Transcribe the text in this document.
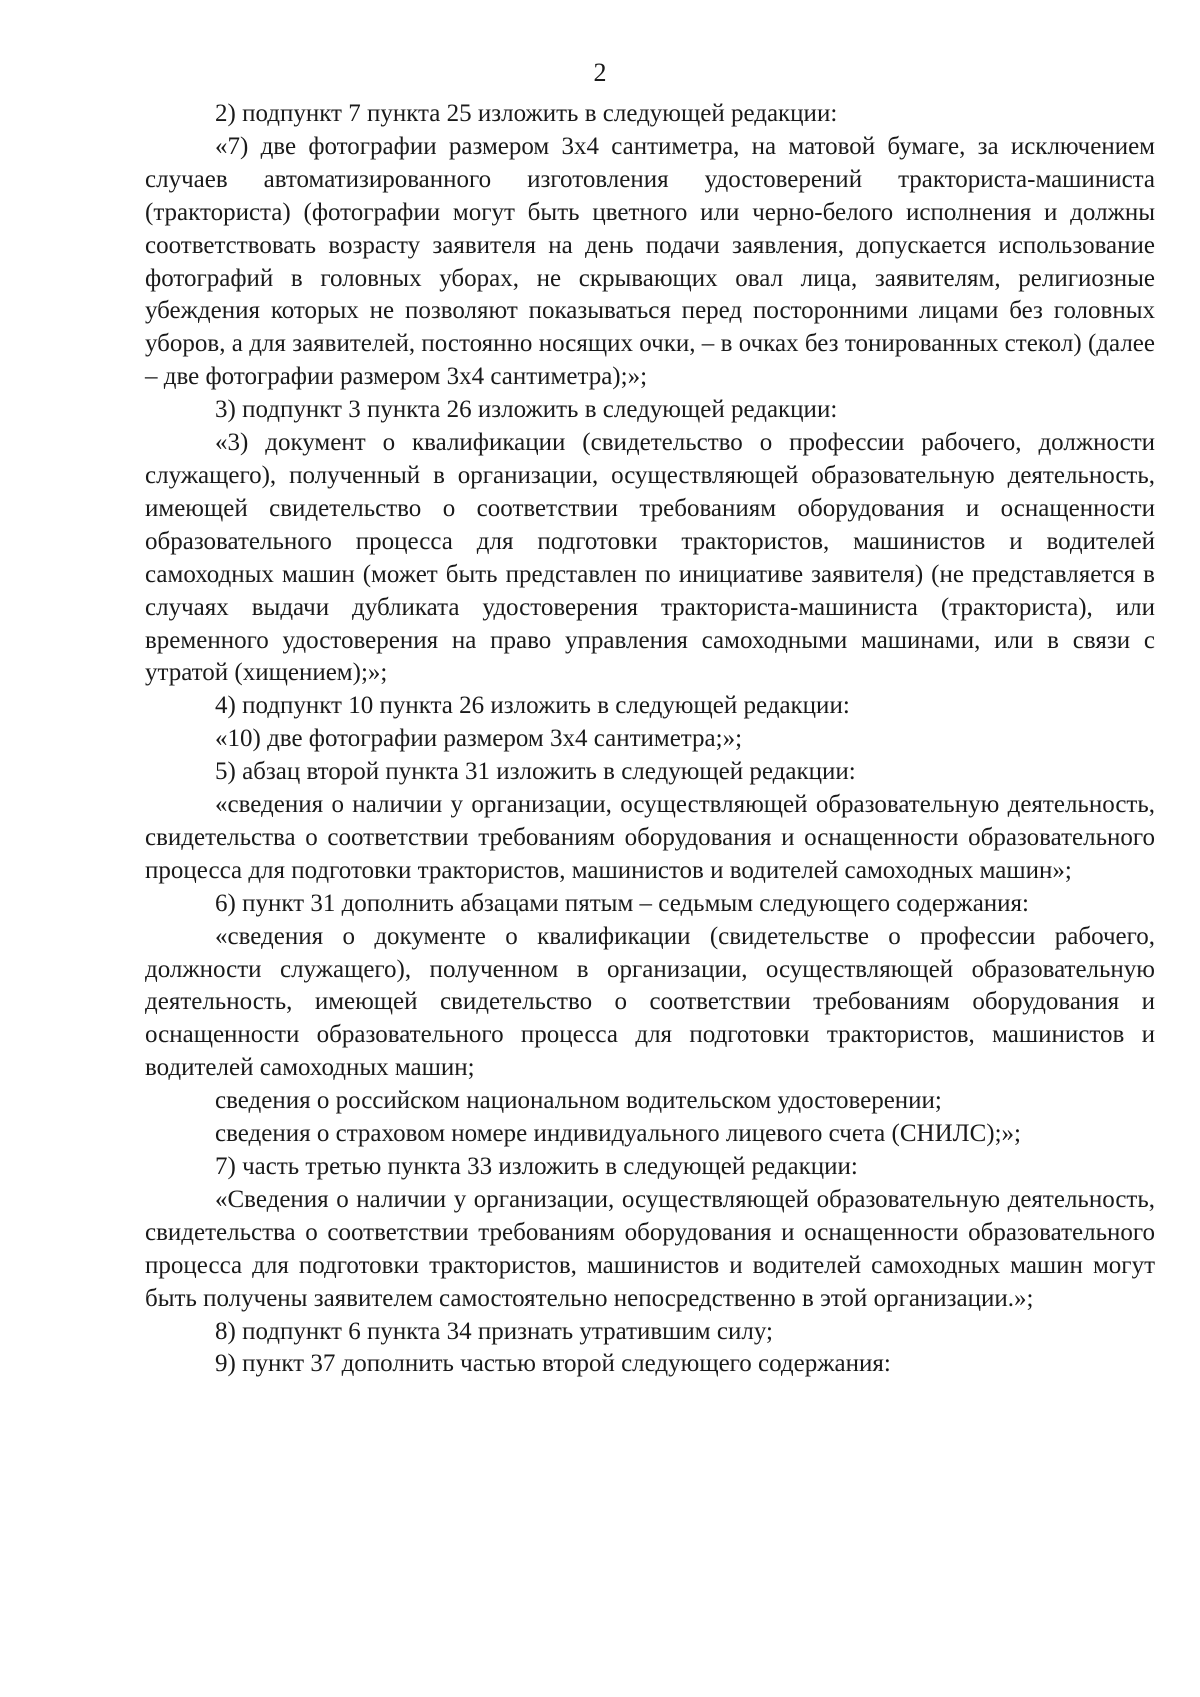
2

2) подпункт 7 пункта 25 изложить в следующей редакции:

«7) две фотографии размером 3x4 сантиметра, на матовой бумаге, за исключением случаев автоматизированного изготовления удостоверений тракториста-машиниста (тракториста) (фотографии могут быть цветного или черно-белого исполнения и должны соответствовать возрасту заявителя на день подачи заявления, допускается использование фотографий в головных уборах, не скрывающих овал лица, заявителям, религиозные убеждения которых не позволяют показываться перед посторонними лицами без головных уборов, а для заявителей, постоянно носящих очки, – в очках без тонированных стекол) (далее – две фотографии размером 3x4 сантиметра);»;

3) подпункт 3 пункта 26 изложить в следующей редакции:

«3) документ о квалификации (свидетельство о профессии рабочего, должности служащего), полученный в организации, осуществляющей образовательную деятельность, имеющей свидетельство о соответствии требованиям оборудования и оснащенности образовательного процесса для подготовки трактористов, машинистов и водителей самоходных машин (может быть представлен по инициативе заявителя) (не представляется в случаях выдачи дубликата удостоверения тракториста-машиниста (тракториста), или временного удостоверения на право управления самоходными машинами, или в связи с утратой (хищением);»;

4) подпункт 10 пункта 26 изложить в следующей редакции:

«10) две фотографии размером 3x4 сантиметра;»;

5) абзац второй пункта 31 изложить в следующей редакции:

«сведения о наличии у организации, осуществляющей образовательную деятельность, свидетельства о соответствии требованиям оборудования и оснащенности образовательного процесса для подготовки трактористов, машинистов и водителей самоходных машин»;

6) пункт 31 дополнить абзацами пятым – седьмым следующего содержания:

«сведения о документе о квалификации (свидетельстве о профессии рабочего, должности служащего), полученном в организации, осуществляющей образовательную деятельность, имеющей свидетельство о соответствии требованиям оборудования и оснащенности образовательного процесса для подготовки трактористов, машинистов и водителей самоходных машин;

сведения о российском национальном водительском удостоверении;

сведения о страховом номере индивидуального лицевого счета (СНИЛС);»;

7) часть третью пункта 33 изложить в следующей редакции:

«Сведения о наличии у организации, осуществляющей образовательную деятельность, свидетельства о соответствии требованиям оборудования и оснащенности образовательного процесса для подготовки трактористов, машинистов и водителей самоходных машин могут быть получены заявителем самостоятельно непосредственно в этой организации.»;

8) подпункт 6 пункта 34 признать утратившим силу;

9) пункт 37 дополнить частью второй следующего содержания:
